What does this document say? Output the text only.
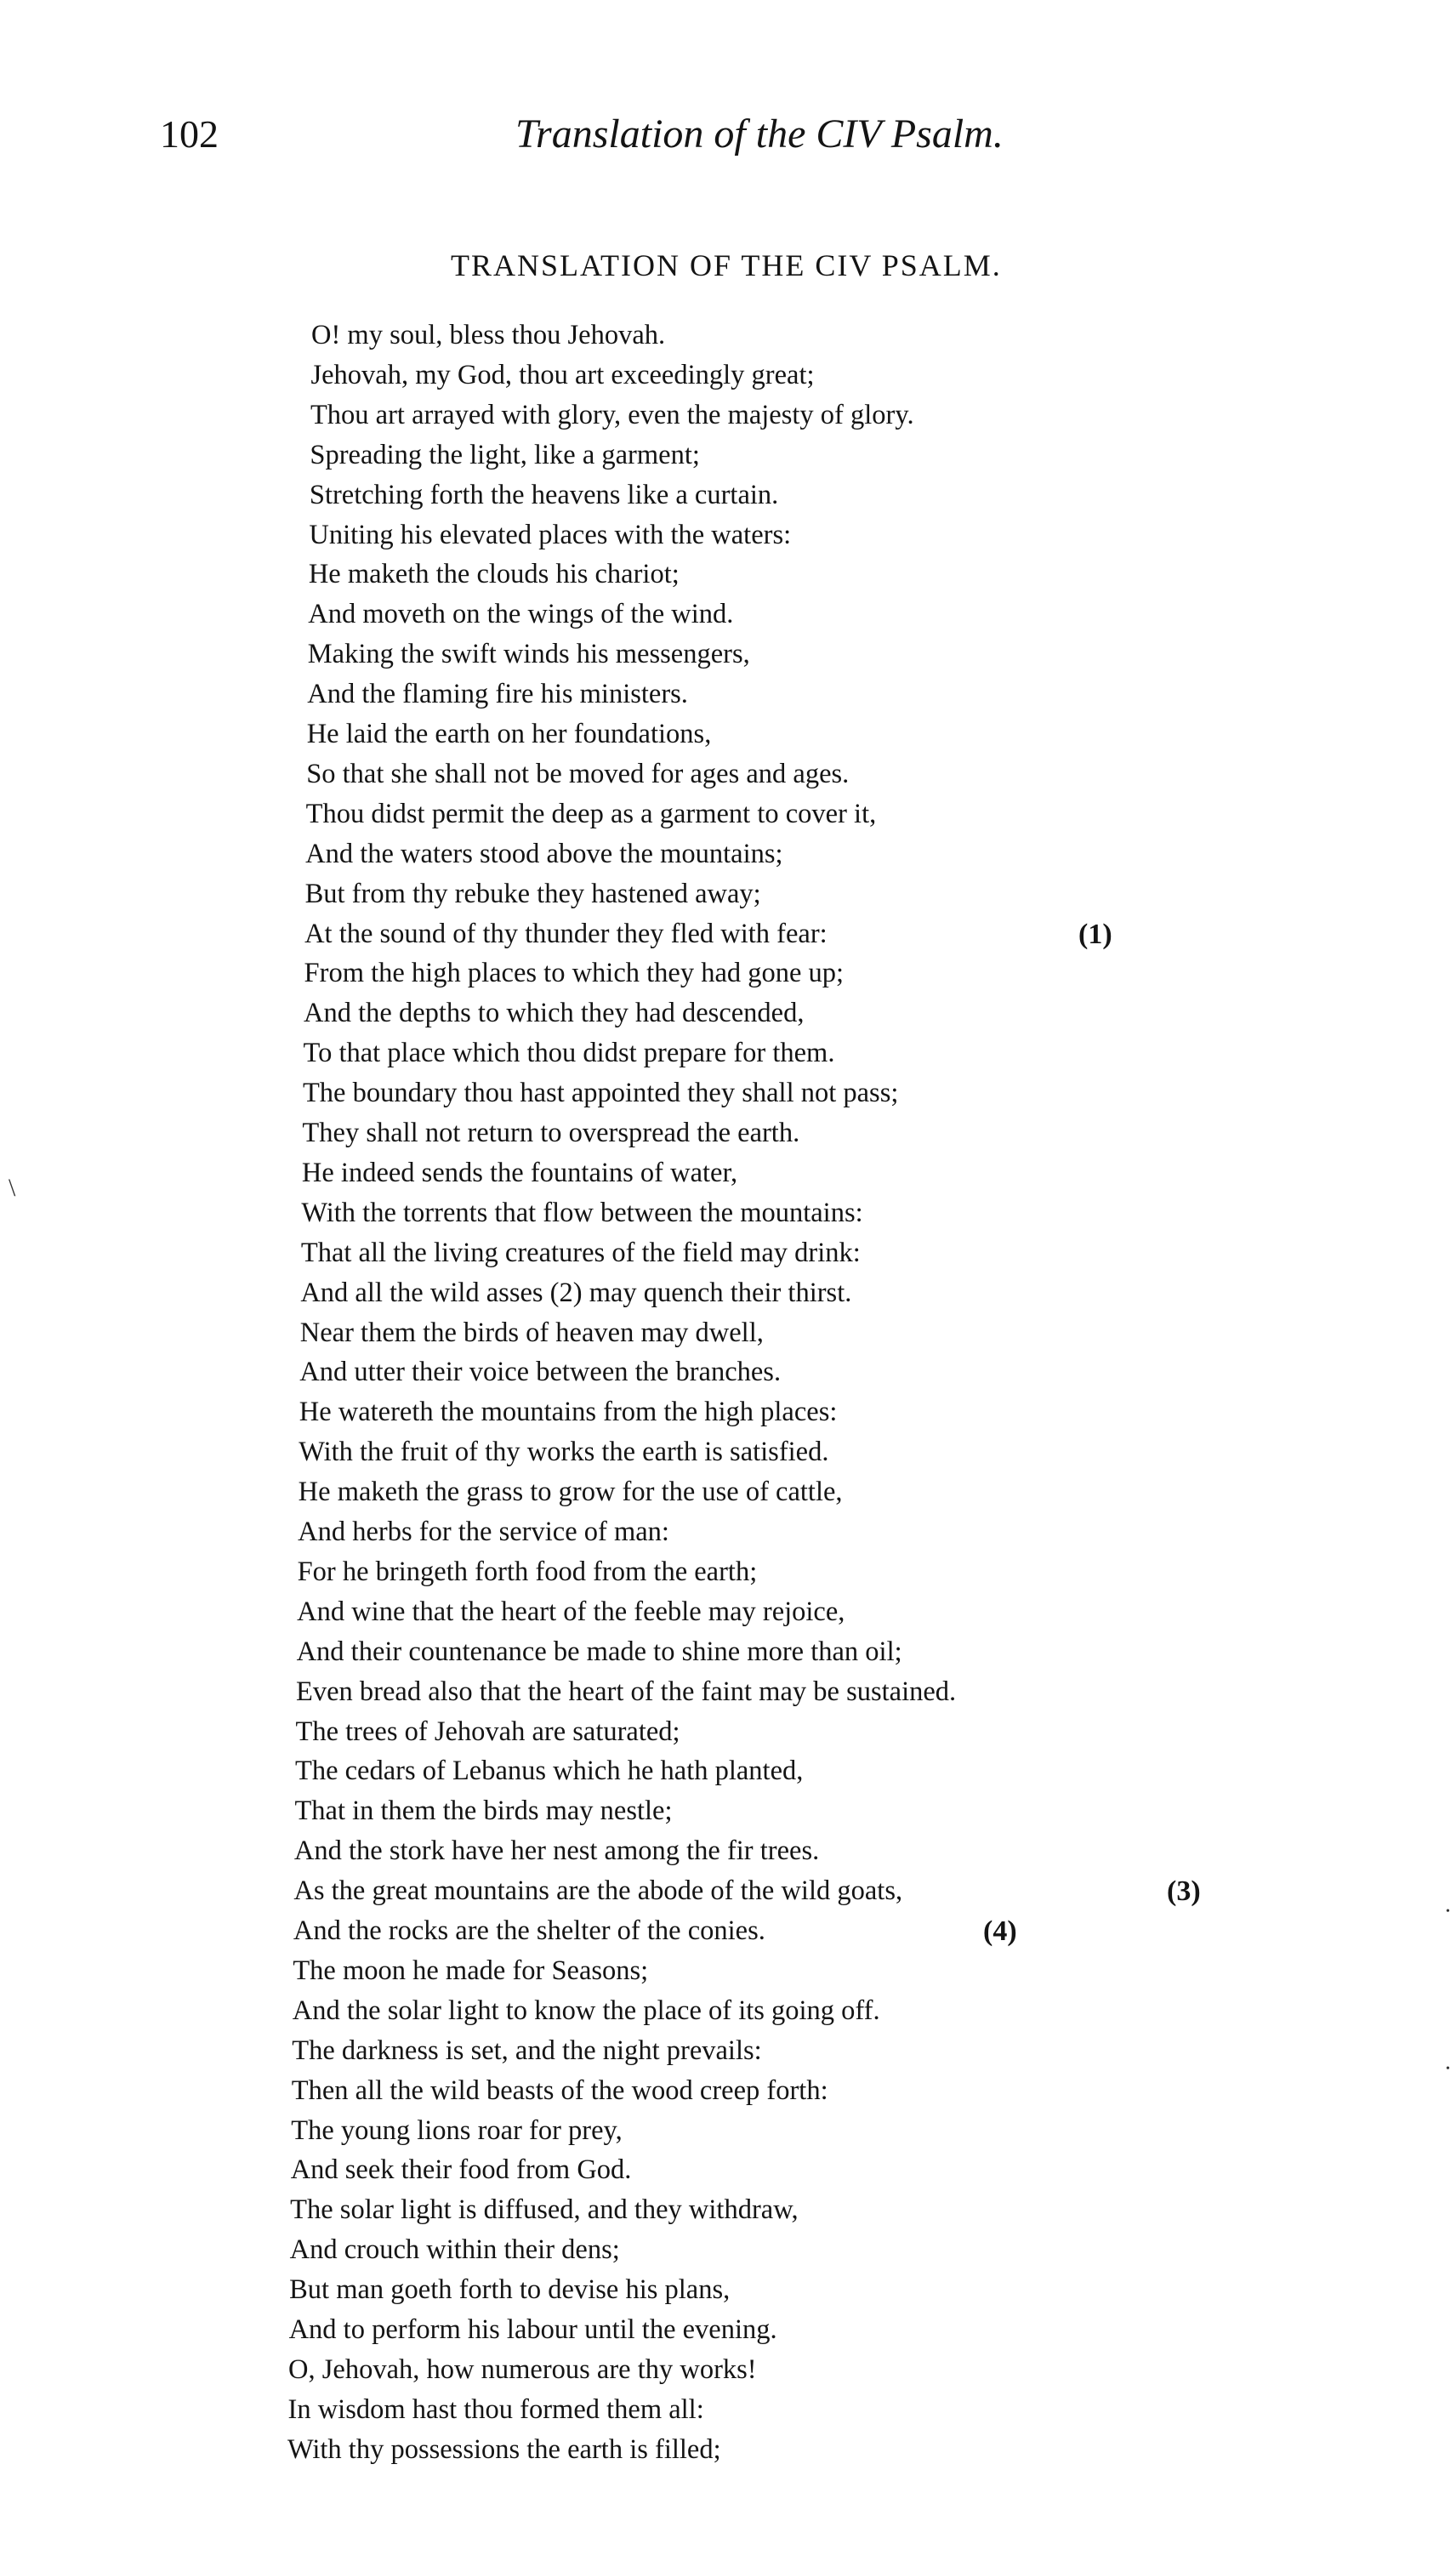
102	Translation of the CIV Psalm.
TRANSLATION OF THE CIV PSALM.
O! my soul, bless thou Jehovah.
Jehovah, my God, thou art exceedingly great;
Thou art arrayed with glory, even the majesty of glory.
Spreading the light, like a garment;
Stretching forth the heavens like a curtain.
Uniting his elevated places with the waters:
He maketh the clouds his chariot;
And moveth on the wings of the wind.
Making the swift winds his messengers,
And the flaming fire his ministers.
He laid the earth on her foundations,
So that she shall not be moved for ages and ages.
Thou didst permit the deep as a garment to cover it,
And the waters stood above the mountains;
But from thy rebuke they hastened away;
At the sound of thy thunder they fled with fear:
From the high places to which they had gone up;
And the depths to which they had descended,
To that place which thou didst prepare for them.
The boundary thou hast appointed they shall not pass;
They shall not return to overspread the earth.
He indeed sends the fountains of water,
With the torrents that flow between the mountains:
That all the living creatures of the field may drink:
And all the wild asses (2) may quench their thirst.
Near them the birds of heaven may dwell,
And utter their voice between the branches.
He watereth the mountains from the high places:
With the fruit of thy works the earth is satisfied.
He maketh the grass to grow for the use of cattle,
And herbs for the service of man:
For he bringeth forth food from the earth;
And wine that the heart of the feeble may rejoice,
And their countenance be made to shine more than oil;
Even bread also that the heart of the faint may be sustained.
The trees of Jehovah are saturated;
The cedars of Lebanus which he hath planted,
That in them the birds may nestle;
And the stork have her nest among the fir trees.
As the great mountains are the abode of the wild goats,
And the rocks are the shelter of the conies.
The moon he made for Seasons;
And the solar light to know the place of its going off.
The darkness is set, and the night prevails:
Then all the wild beasts of the wood creep forth:
The young lions roar for prey,
And seek their food from God.
The solar light is diffused, and they withdraw,
And crouch within their dens;
But man goeth forth to devise his plans,
And to perform his labour until the evening.
O, Jehovah, how numerous are thy works!
In wisdom hast thou formed them all:
With thy possessions the earth is filled;
(1)
(3)
(4)
\
•
•
